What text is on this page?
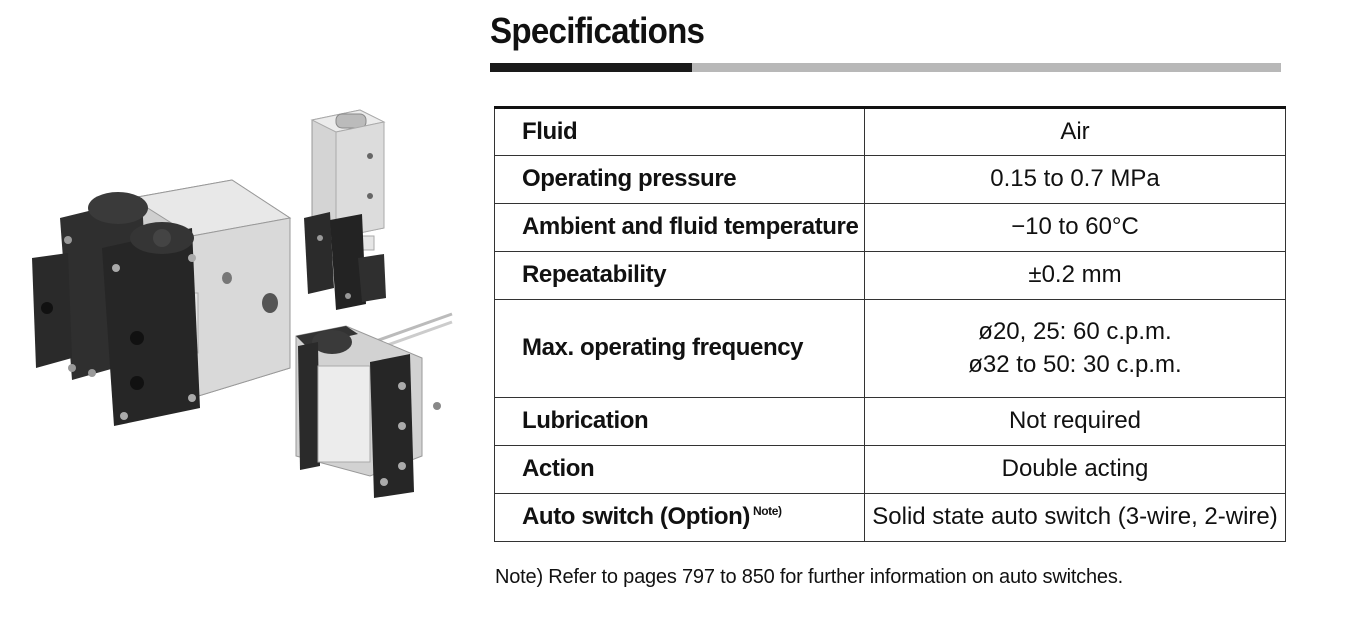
Specifications
Fluid	Air
Operating pressure	0.15 to 0.7 MPa
Ambient and fluid temperature	−10 to 60°C
Repeatability	±0.2 mm
Max. operating frequency	ø20, 25: 60 c.p.m.
ø32 to 50: 30 c.p.m.

Lubrication	Not required
Action	Double acting
Auto switch (Option) $^{Note)}$	Solid state auto switch (3-wire, 2-wire)
Note) Refer to pages 797 to 850 for further information on auto switches.
